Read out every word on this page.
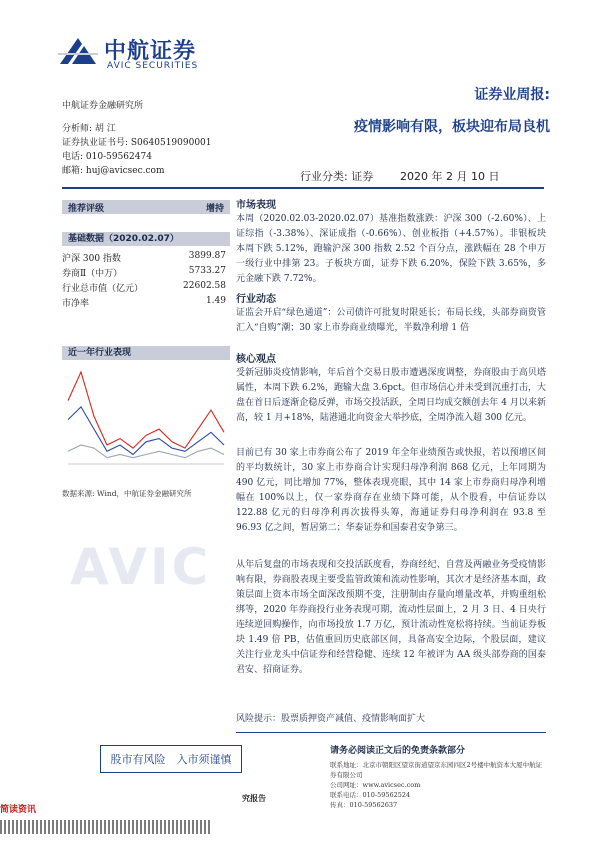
中航证券
AVIC SECURITIES
中航证券金融研究所
分析师: 胡 江
证券执业证书号: S0640519090001
电话: 010-59562474
邮箱: huj@avicsec.com
证券业周报:
疫情影响有限，板块迎布局良机
行业分类: 证券 2020 年 2 月 10 日
推荐评级	增持
基础数据（2020.02.07）
沪深 300 指数	3899.87
券商Ⅱ（中万）	5733.27
行业总市值（亿元）	22602.58
市净率	1.49
近一年行业表现
数据来源: Wind，中航证券金融研究所
AVIC
市场表现
本周（2020.02.03-2020.02.07）基准指数涨跌：沪深 300（-2.60%）、上证综指（-3.38%）、深证成指（-0.66%）、创业板指（+4.57%）。非银板块本周下跌 5.12%，跑输沪深 300 指数 2.52 个百分点，涨跌幅在 28 个申万一级行业中排第 23。子板块方面，证券下跌 6.20%，保险下跌 3.65%，多元金融下跌 7.72%。
行业动态
证监会开启“绿色通道”：公司债许可批复时限延长；布局长线，头部券商资管汇入“自购”潮；30 家上市券商业绩曝光，半数净利增 1 倍
核心观点
受新冠肺炎疫情影响，年后首个交易日股市遭遇深度调整，券商股由于高贝塔属性，本周下跌 6.2%，跑输大盘 3.6pct。但市场信心并未受到沉重打击，大盘在首日后逐渐企稳反弹，市场交投活跃，全周日均成交额创去年 4 月以来新高，较 1 月+18%，陆港通北向资金大举抄底，全周净流入超 300 亿元。
目前已有 30 家上市券商公布了 2019 年全年业绩预告或快报，若以预增区间的平均数统计，30 家上市券商合计实现归母净利润 868 亿元，上年同期为 490 亿元，同比增加 77%，整体表现亮眼，其中 14 家上市券商归母净利增幅在 100%以上，仅一家券商存在业绩下降可能，从个股看，中信证券以 122.88 亿元的归母净利再次拔得头筹，海通证券归母净利润在 93.8 至 96.93 亿之间，暂居第二；华泰证券和国泰君安争第三。
从年后复盘的市场表现和交投活跃度看，券商经纪、自营及两融业务受疫情影响有限，券商股表现主要受监管政策和流动性影响，其次才是经济基本面，政策层面上资本市场全面深改预期不变，注册制由存量向增量改革，并购重组松绑等，2020 年券商投行业务表现可期，流动性层面上，2 月 3 日、4 日央行连续逆回购操作，向市场投放 1.7 万亿，预计流动性宽松将持续。当前证券板块 1.49 倍 PB，估值重回历史底部区间，具备高安全边际，个股层面，建议关注行业龙头中信证券和经营稳健、连续 12 年被评为 AA 级头部券商的国泰君安、招商证券。
风险提示：股票质押资产减值、疫情影响面扩大
股市有风险　入市须谨慎
请务必阅读正文后的免责条款部分
联系地址：北京市朝阳区望京街道望京东园四区2号楼中航资本大厦中航证券有限公司
公司网址：www.avicsec.com
联系电话：010-59562524
传真：010-59562637
究报告
简读资讯
